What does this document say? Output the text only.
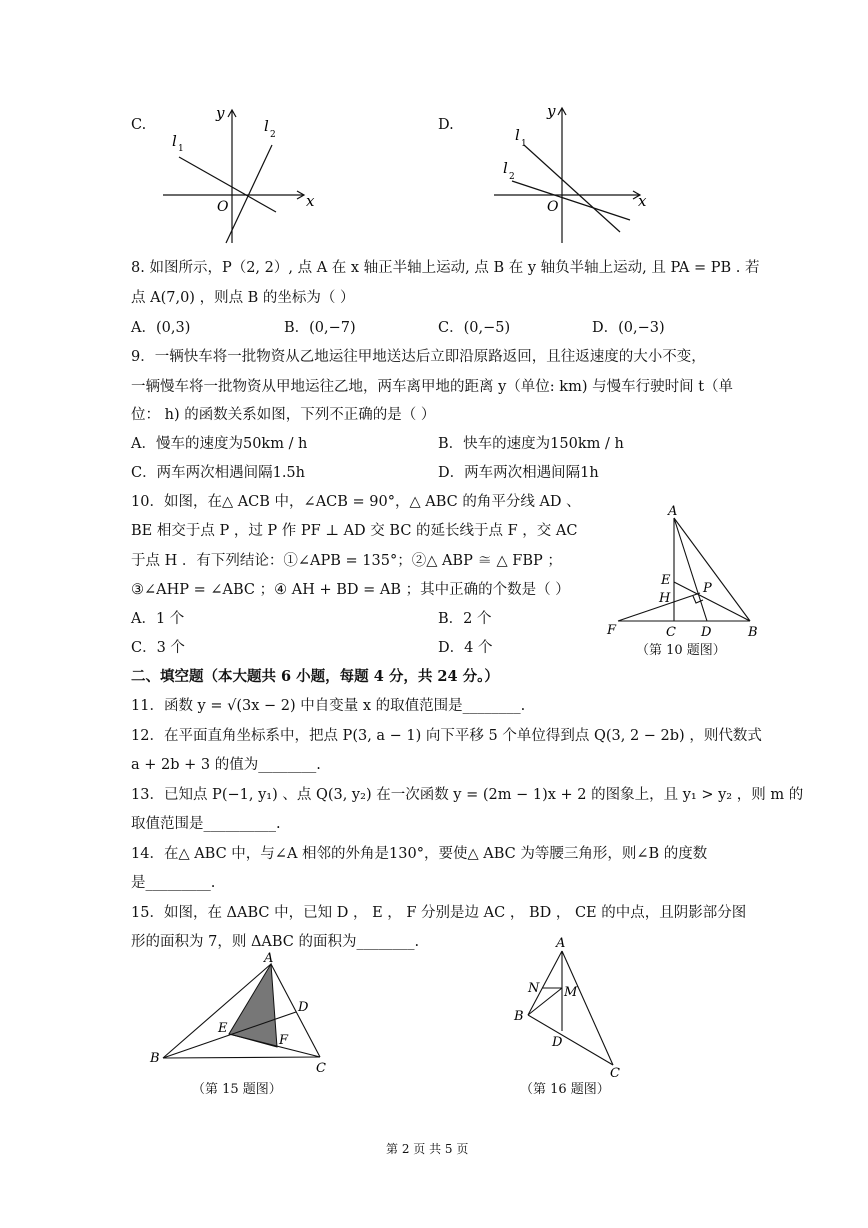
C.
y
x
O
l 1
l 2
D.
y
x
O
l 1
l 2
8. 如图所示，P（2, 2）, 点 A 在 x 轴正半轴上运动, 点 B 在 y 轴负半轴上运动, 且 PA = PB . 若
点 A(7,0) ，则点 B 的坐标为（ ）
A．(0,3)	B．(0,−7)	C．(0,−5)	D．(0,−3)
9．一辆快车将一批物资从乙地运往甲地送达后立即沿原路返回，且往返速度的大小不变，
一辆慢车将一批物资从甲地运往乙地，两车离甲地的距离 y（单位: km) 与慢车行驶时间 t（单
位： h) 的函数关系如图，下列不正确的是（ ）
A．慢车的速度为50km / h	B．快车的速度为150km / h
C．两车两次相遇间隔1.5h	D．两车两次相遇间隔1h
10．如图，在△ ACB 中，∠ACB = 90°，△ ABC 的角平分线 AD 、
BE 相交于点 P ，过 P 作 PF ⊥ AD 交 BC 的延长线于点 F ，交 AC
于点 H ．有下列结论：①∠APB = 135°；②△ ABP ≅ △ FBP ；
③∠AHP = ∠ABC ；④ AH + BD = AB ；其中正确的个数是（ ）
A．1 个	B．2 个
C．3 个	D．4 个
A
E
P
H
F	C D	B
（第 10 题图）
二、填空题（本大题共 6 小题，每题 4 分，共 24 分。）
11．函数 y = √(3x − 2) 中自变量 x 的取值范围是________.
12．在平面直角坐标系中，把点 P(3, a − 1) 向下平移 5 个单位得到点 Q(3, 2 − 2b) ，则代数式
a + 2b + 3 的值为________.
13．已知点 P(−1, y₁) 、点 Q(3, y₂) 在一次函数 y = (2m − 1)x + 2 的图象上，且 y₁ > y₂ ，则 m 的
取值范围是__________.
14．在△ ABC 中，与∠A 相邻的外角是130°，要使△ ABC 为等腰三角形，则∠B 的度数
是_________.
15．如图，在 ΔABC 中，已知 D ， E ， F 分别是边 AC ， BD ， CE 的中点，且阴影部分图
形的面积为 7，则 ΔABC 的面积为________.
A
D
E
F
B
C
（第 15 题图）
A
N M
B
D
C
（第 16 题图）
第 2 页 共 5 页
